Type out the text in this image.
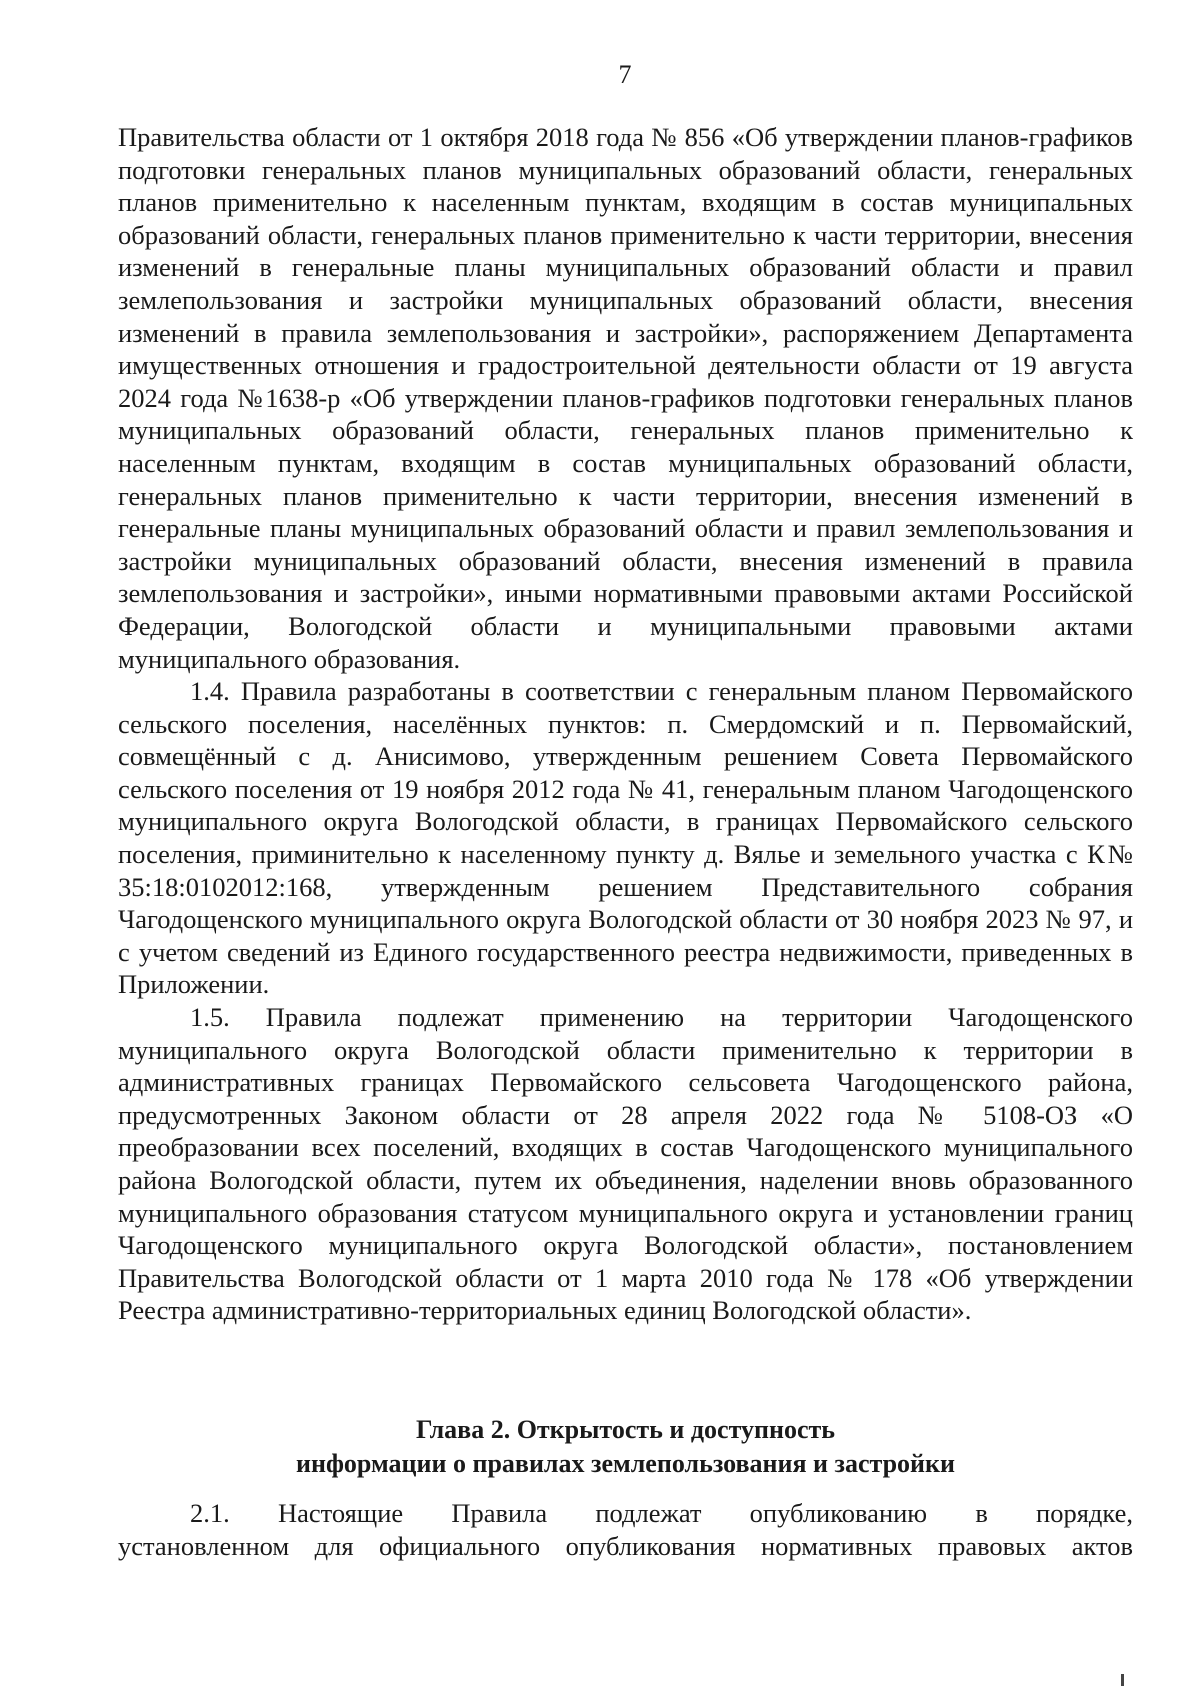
7

Правительства области от 1 октября 2018 года № 856 «Об утверждении планов-графиков подготовки генеральных планов муниципальных образований области, генеральных планов применительно к населенным пунктам, входящим в состав муниципальных образований области, генеральных планов применительно к части территории, внесения изменений в генеральные планы муниципальных образований области и правил землепользования и застройки муниципальных образований области, внесения изменений в правила землепользования и застройки», распоряжением Департамента имущественных отношения и градостроительной деятельности области от 19 августа 2024 года №1638-р «Об утверждении планов-графиков подготовки генеральных планов муниципальных образований области, генеральных планов применительно к населенным пунктам, входящим в состав муниципальных образований области, генеральных планов применительно к части территории, внесения изменений в генеральные планы муниципальных образований области и правил землепользования и застройки муниципальных образований области, внесения изменений в правила землепользования и застройки», иными нормативными правовыми актами Российской Федерации, Вологодской области и муниципальными правовыми актами муниципального образования.

1.4. Правила разработаны в соответствии с генеральным планом Первомайского сельского поселения, населённых пунктов: п. Смердомский и п. Первомайский, совмещённый с д. Анисимово, утвержденным решением Совета Первомайского сельского поселения от 19 ноября 2012 года № 41, генеральным планом Чагодощенского муниципального округа Вологодской области, в границах Первомайского сельского поселения, приминительно к населенному пункту д. Вялье и земельного участка с К№ 35:18:0102012:168, утвержденным решением Представительного собрания Чагодощенского муниципального округа Вологодской области от 30 ноября 2023 № 97, и с учетом сведений из Единого государственного реестра недвижимости, приведенных в Приложении.

1.5. Правила подлежат применению на территории Чагодощенского муниципального округа Вологодской области применительно к территории в административных границах Первомайского сельсовета Чагодощенского района, предусмотренных Законом области от 28 апреля 2022 года № 5108-ОЗ «О преобразовании всех поселений, входящих в состав Чагодощенского муниципального района Вологодской области, путем их объединения, наделении вновь образованного муниципального образования статусом муниципального округа и установлении границ Чагодощенского муниципального округа Вологодской области», постановлением Правительства Вологодской области от 1 марта 2010 года № 178 «Об утверждении Реестра административно-территориальных единиц Вологодской области».

Глава 2. Открытость и доступность
информации о правилах землепользования и застройки
2.1. Настоящие Правила подлежат опубликованию в порядке,
установленном для официального опубликования нормативных правовых актов
